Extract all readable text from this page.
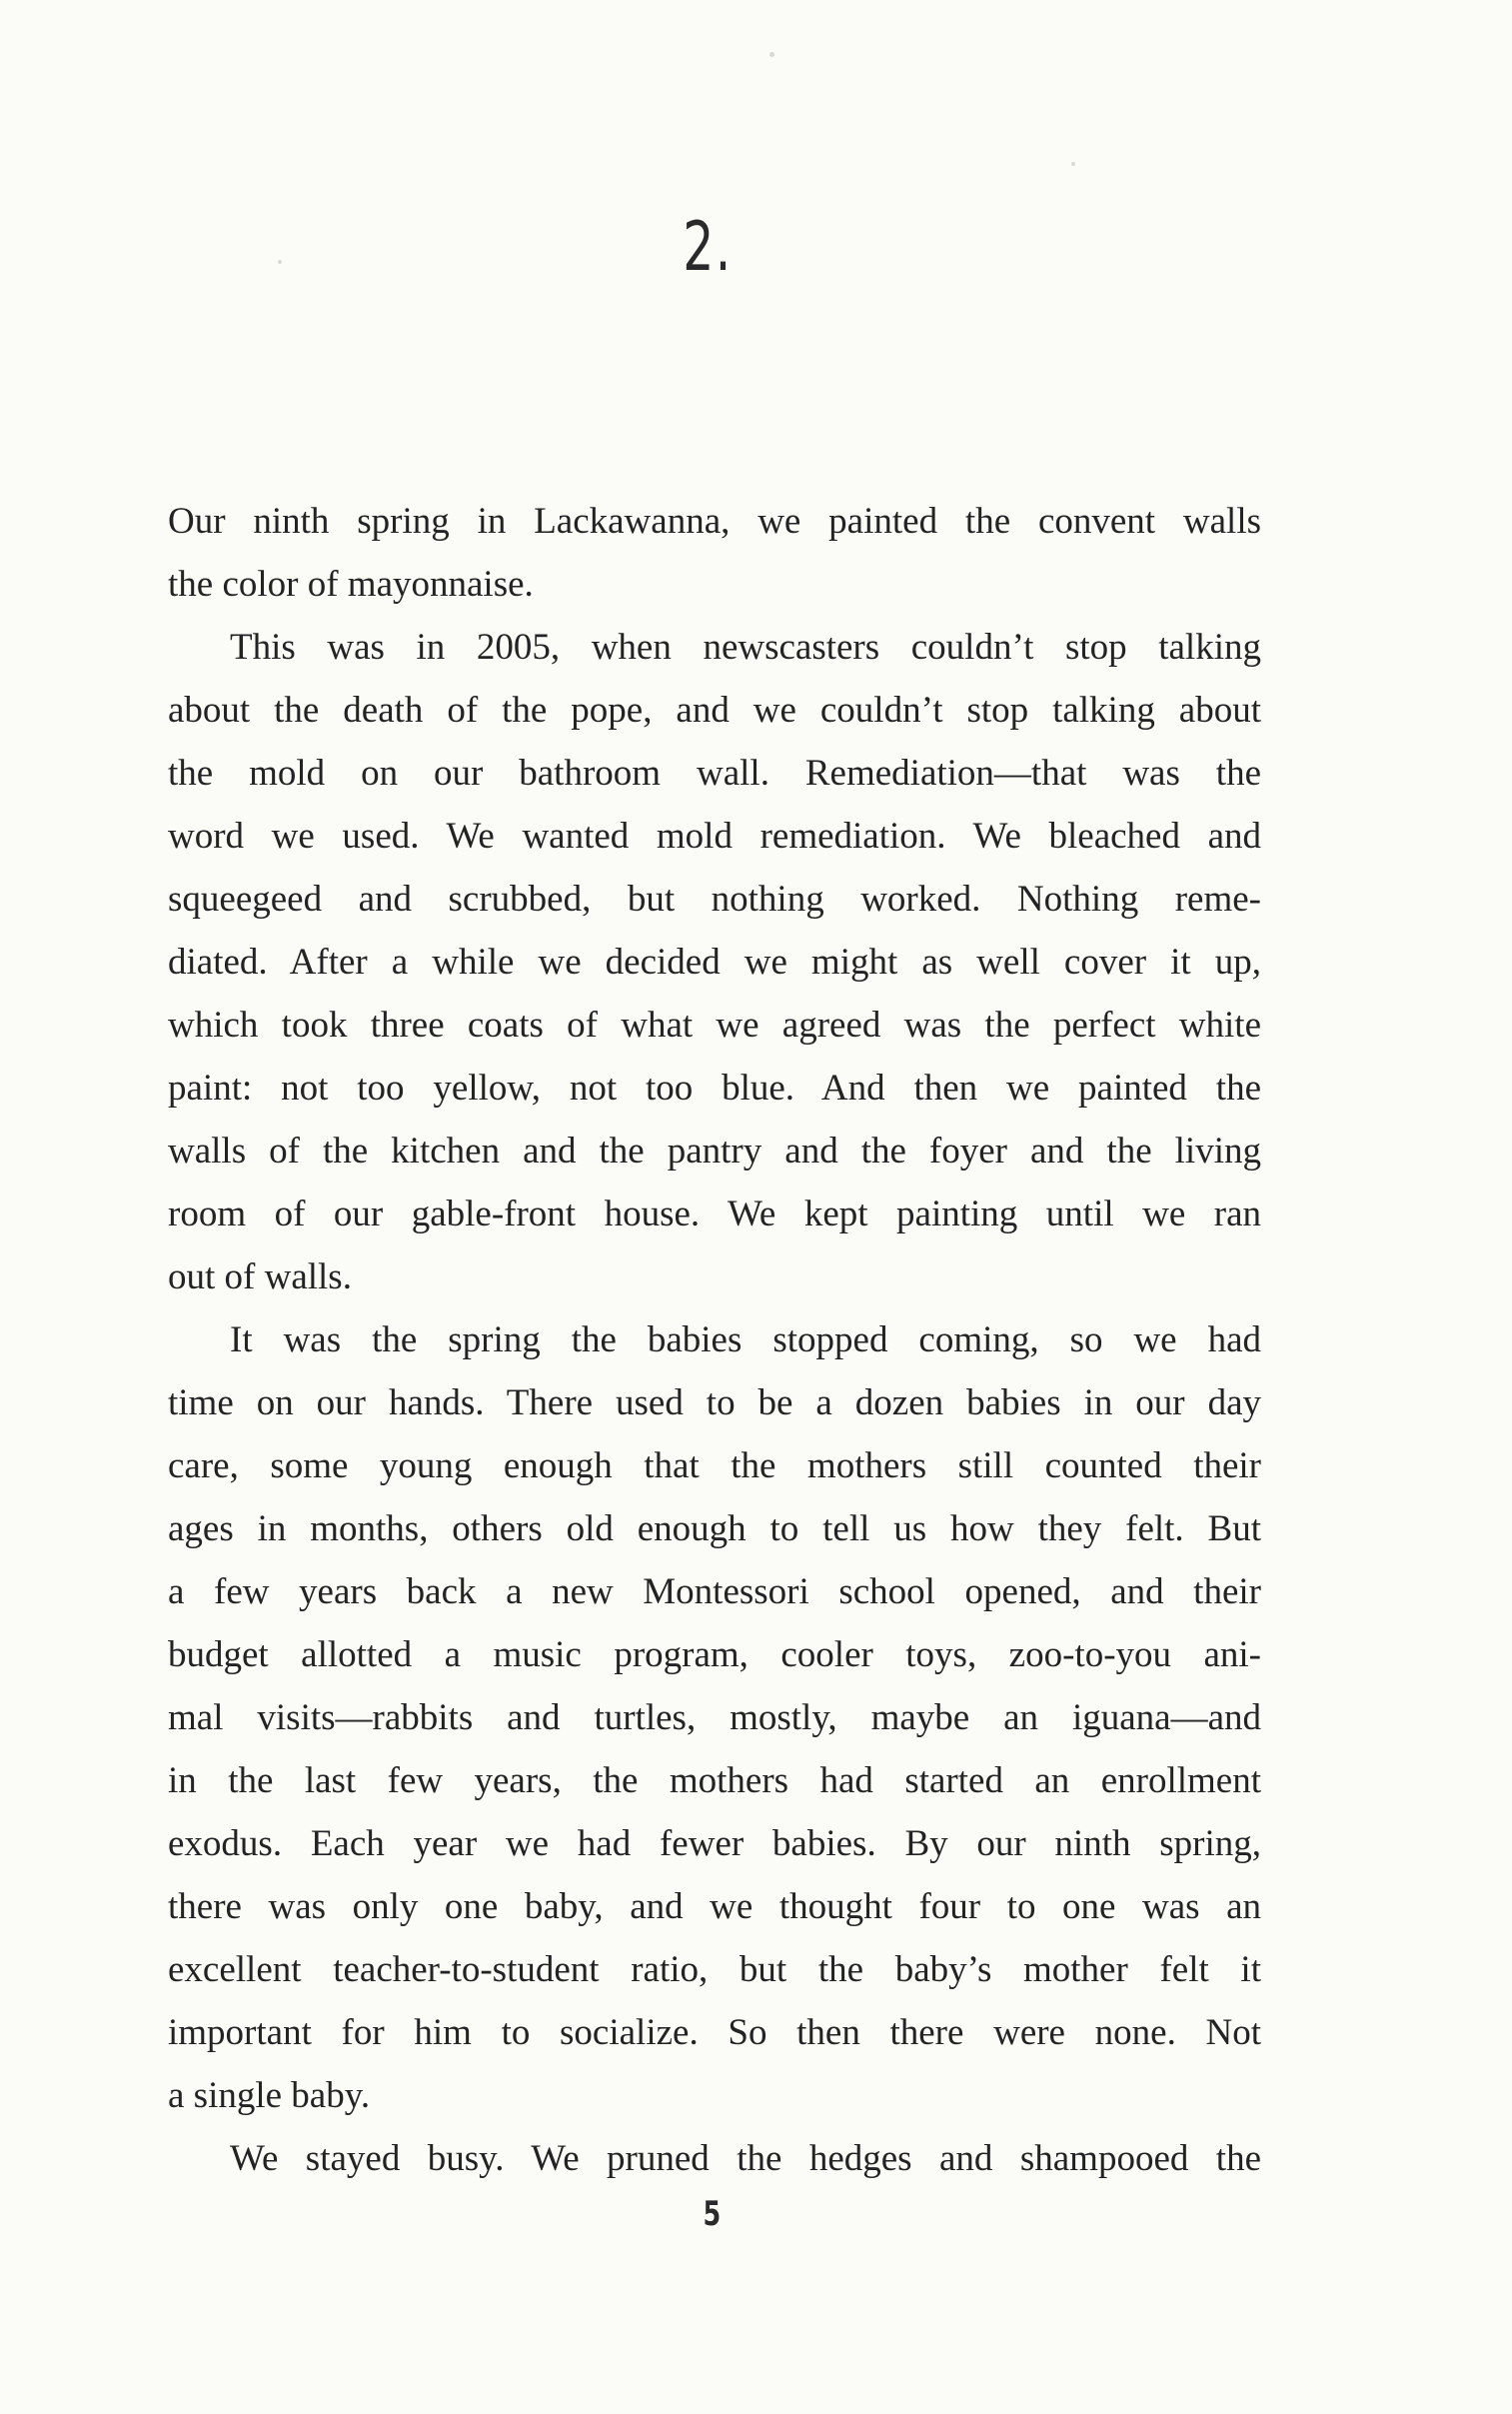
2.
Our ninth spring in Lackawanna, we painted the convent walls
the color of mayonnaise.
This was in 2005, when newscasters couldn’t stop talking
about the death of the pope, and we couldn’t stop talking about
the mold on our bathroom wall. Remediation—that was the
word we used. We wanted mold remediation. We bleached and
squeegeed and scrubbed, but nothing worked. Nothing reme-
diated. After a while we decided we might as well cover it up,
which took three coats of what we agreed was the perfect white
paint: not too yellow, not too blue. And then we painted the
walls of the kitchen and the pantry and the foyer and the living
room of our gable-front house. We kept painting until we ran
out of walls.
It was the spring the babies stopped coming, so we had
time on our hands. There used to be a dozen babies in our day
care, some young enough that the mothers still counted their
ages in months, others old enough to tell us how they felt. But
a few years back a new Montessori school opened, and their
budget allotted a music program, cooler toys, zoo-to-you ani-
mal visits—rabbits and turtles, mostly, maybe an iguana—and
in the last few years, the mothers had started an enrollment
exodus. Each year we had fewer babies. By our ninth spring,
there was only one baby, and we thought four to one was an
excellent teacher-to-student ratio, but the baby’s mother felt it
important for him to socialize. So then there were none. Not
a single baby.
We stayed busy. We pruned the hedges and shampooed the
5
